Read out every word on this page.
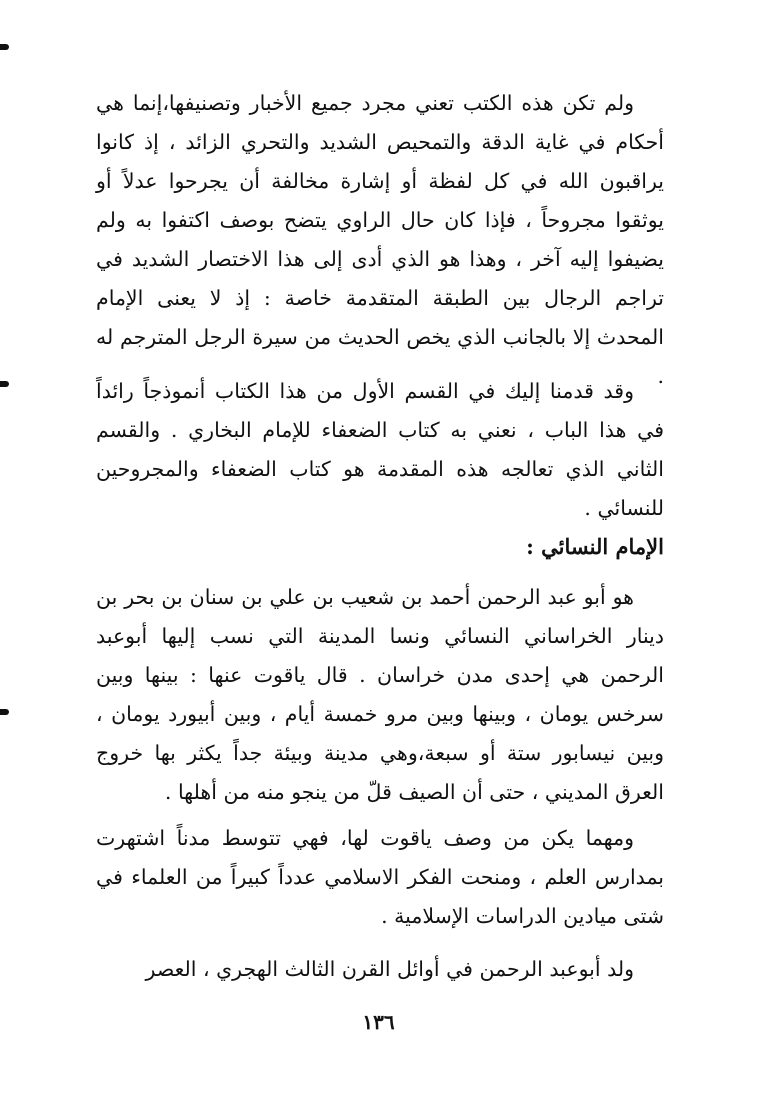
ولم تكن هذه الكتب تعني مجرد جميع الأخبار وتصنيفها،إنما هي أحكام في غاية الدقة والتمحيص الشديد والتحري الزائد ، إذ كانوا يراقبون الله في كل لفظة أو إشارة مخالفة أن يجرحوا عدلاً أو يوثقوا مجروحاً ، فإذا كان حال الراوي يتضح بوصف اكتفوا به ولم يضيفوا إليه آخر ، وهذا هو الذي أدى إلى هذا الاختصار الشديد في تراجم الرجال بين الطبقة المتقدمة خاصة : إذ لا يعنى الإمام المحدث إلا بالجانب الذي يخص الحديث من سيرة الرجل المترجم له .

وقد قدمنا إليك في القسم الأول من هذا الكتاب أنموذجاً رائداً في هذا الباب ، نعني به كتاب الضعفاء للإمام البخاري . والقسم الثاني الذي تعالجه هذه المقدمة هو كتاب الضعفاء والمجروحين للنسائي .

الإمام النسائي :

هو أبو عبد الرحمن أحمد بن شعيب بن علي بن سنان بن بحر بن دينار الخراساني النسائي ونسا المدينة التي نسب إليها أبوعبد الرحمن هي إحدى مدن خراسان . قال ياقوت عنها : بينها وبين سرخس يومان ، وبينها وبين مرو خمسة أيام ، وبين أبيورد يومان ، وبين نيسابور ستة أو سبعة،وهي مدينة وبيئة جداً يكثر بها خروج العرق المديني ، حتى أن الصيف قلّ من ينجو منه من أهلها .

ومهما يكن من وصف ياقوت لها، فهي تتوسط مدناً اشتهرت بمدارس العلم ، ومنحت الفكر الاسلامي عدداً كبيراً من العلماء في شتى ميادين الدراسات الإسلامية .

ولد أبوعبد الرحمن في أوائل القرن الثالث الهجري ، العصر

١٣٦
